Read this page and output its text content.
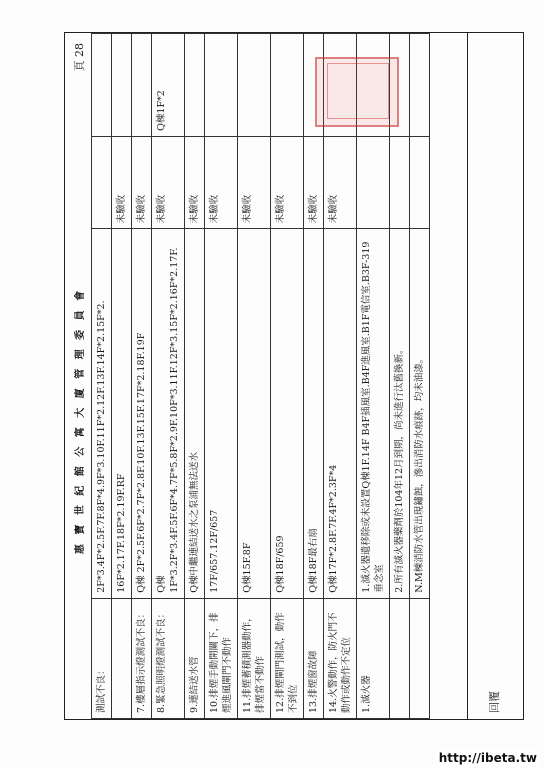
惠 寶 世 紀 館 公 寓 大 廈 管 理 委 員 會
頁 28
測試不良：	2F*3.4F*2.5F.7F.8F*4.9F*3.10F.11F*2.12F.13F.14F*2.15F*2.		
	16F*2.17F.18F*2.19F.RF	未驗收	
7.樓層指示燈測試不良：	Q棟 2F*2.5F.6F*2.7F*2.8F.10F.13F.15F.17F*2.18F.19F	未驗收	
8.緊急照明燈測試不良：	Q棟 1F*3.2F*3.4F.5F.6F*4.7F*5.8F*2.9F.10F*3.11F.12F*3.15F*2.16F*2.17F.	未驗收	Q棟1F*2
9.連結送水管	Q棟中繼連結送水之泵浦無法送水	未驗收	
10.排煙手動開關下，排煙進風閘門不動作	17F/657.12F/657	未驗收	
11.排煙蓄積測器動作，排煙當不動作	Q棟15F.8F	未驗收	
12.排煙閘門測試，動作不到位	Q棟18F/659	未驗收	
13.排煙窗故障	Q棟18F最右扇	未驗收	
14.火警動作，防火門不動作或動作不定位	Q棟17F*2.8F.7F.4F*2.3F*4	未驗收	
1.滅火器	1.滅火器遺移除或未設置Q棟1F.14F B4F插風室.B4F進風室.B1F電信室.B3F-319垂念室		
	2.所有滅火器藥劑於104年12月到期，尚未進行汰舊換新。		
	N.M棟消防水管出現鏽蝕，滲出消防水痕跡，均未油漆。		
回覆
http://ibeta.tw
